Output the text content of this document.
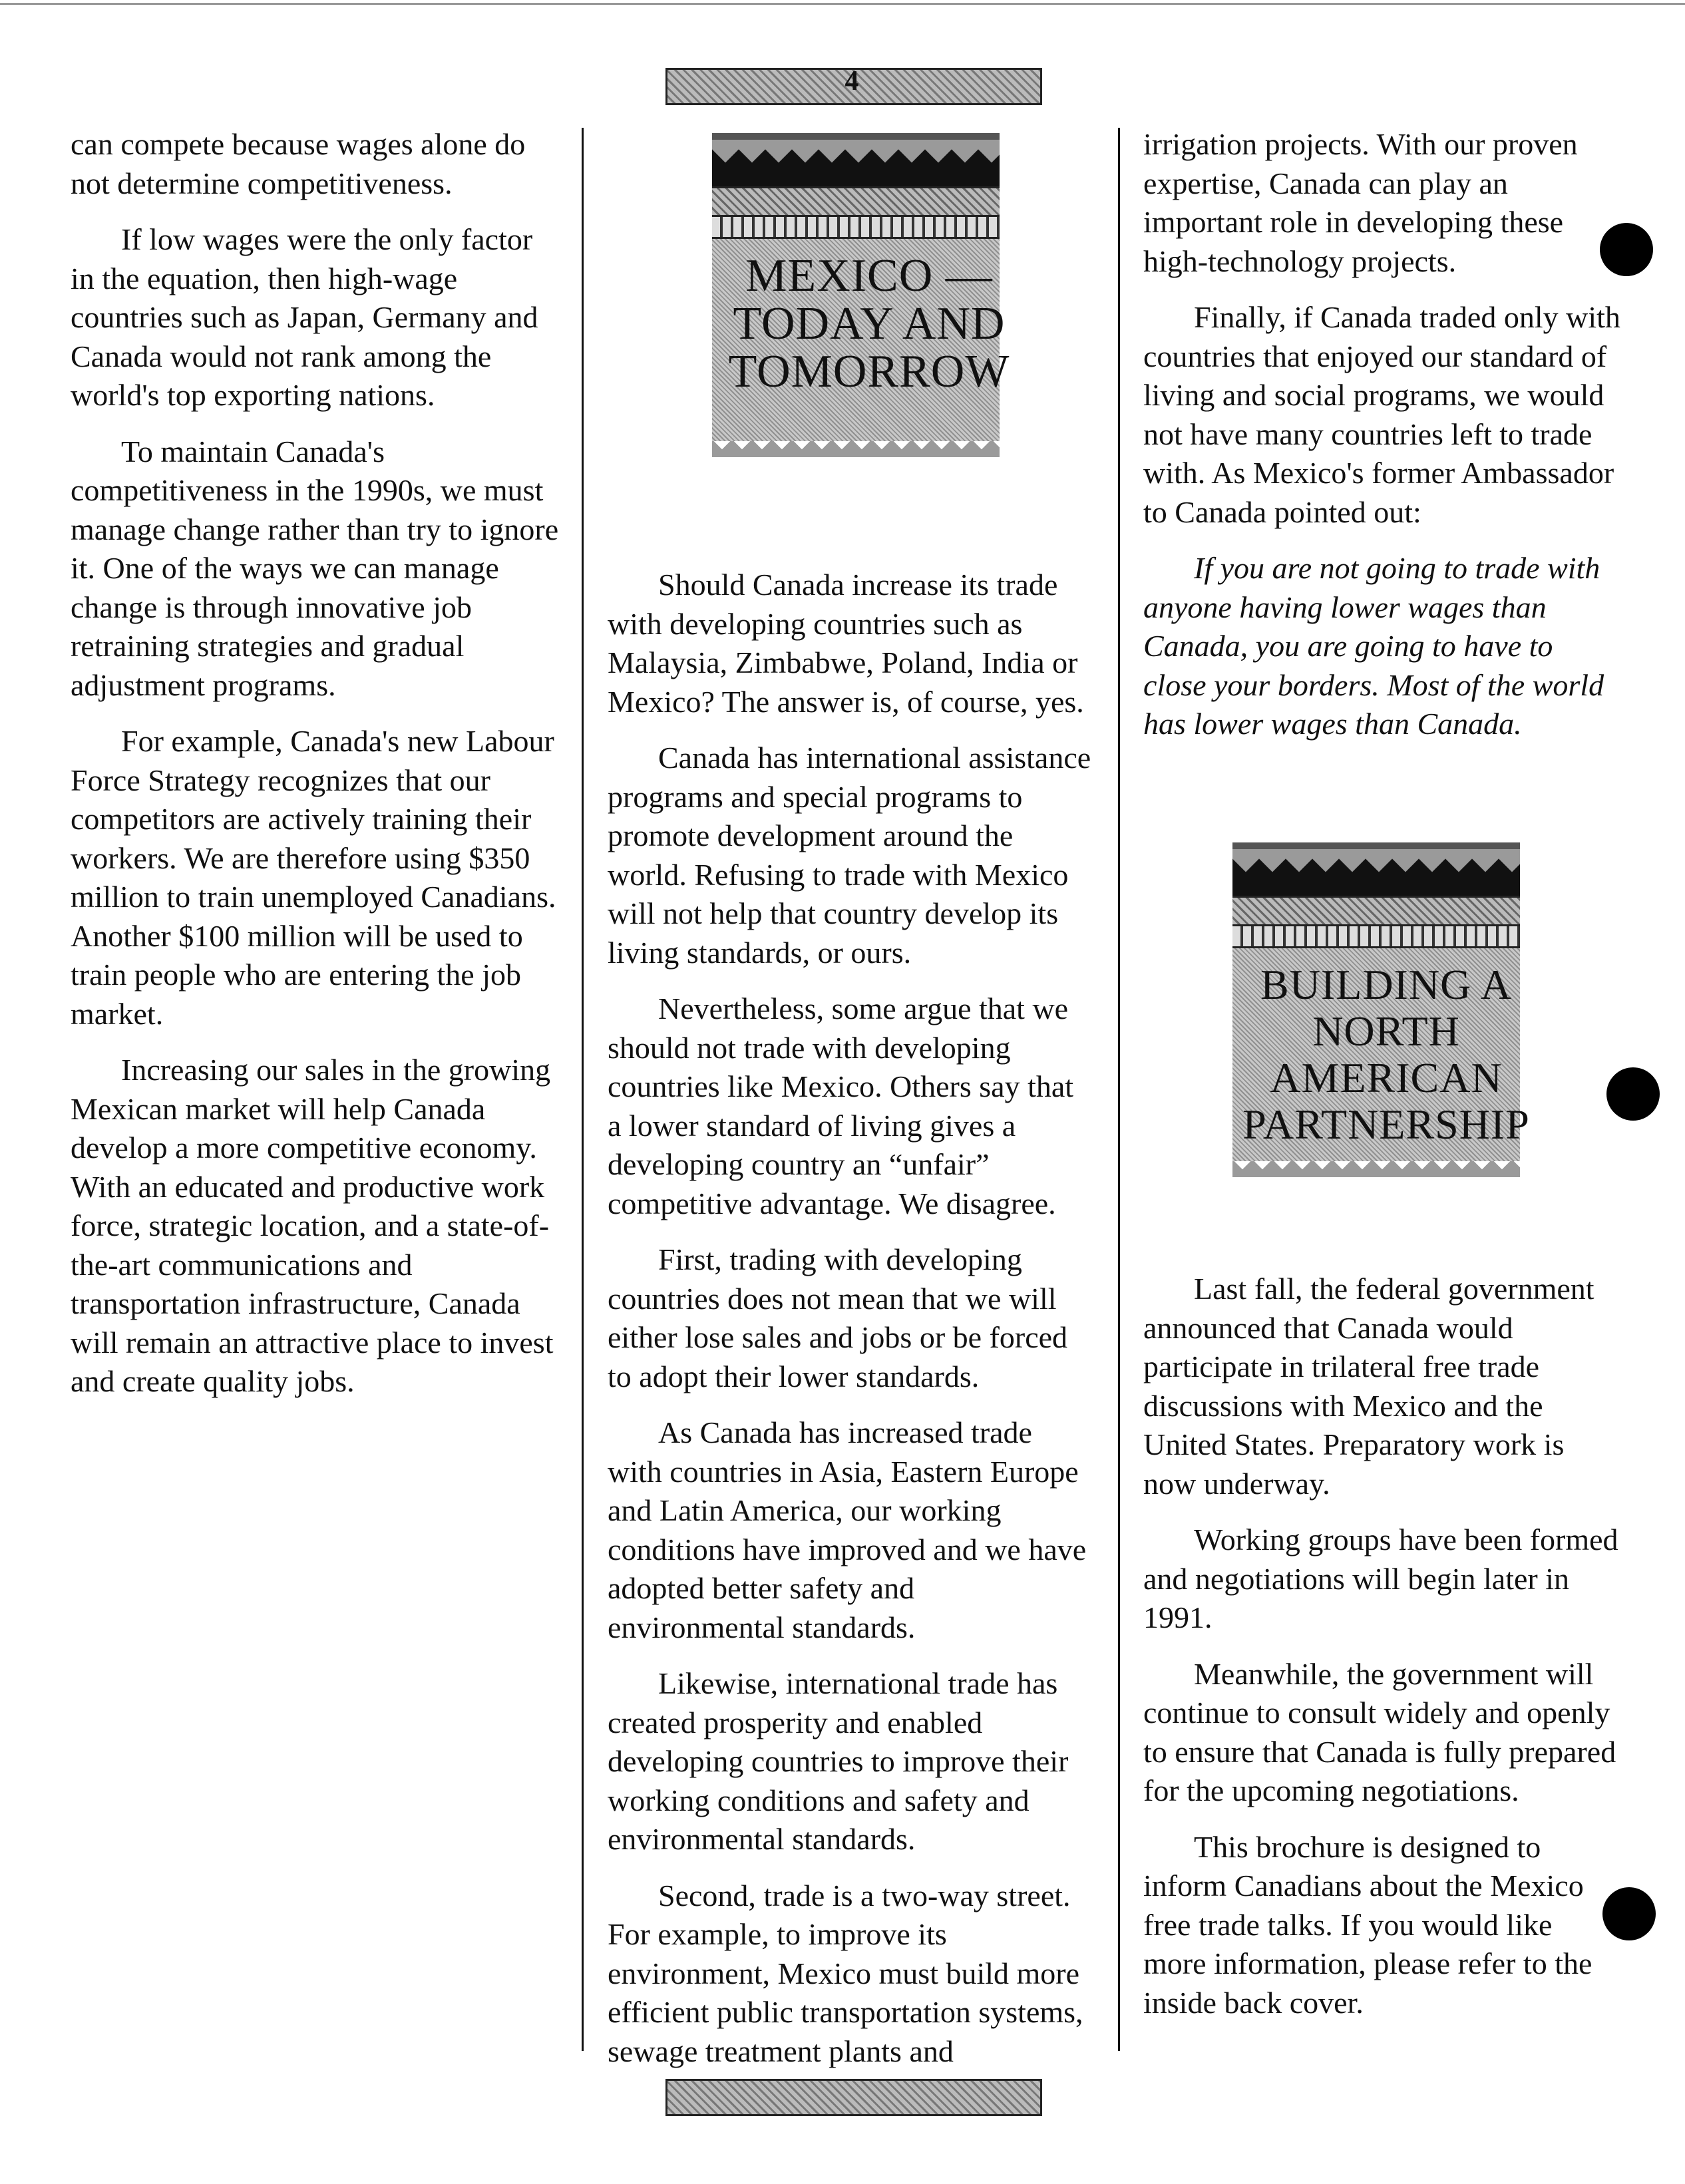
4

can compete because wages alone do not determine competitiveness.

If low wages were the only factor in the equation, then high-wage countries such as Japan, Germany and Canada would not rank among the world's top exporting nations.

To maintain Canada's competitiveness in the 1990s, we must manage change rather than try to ignore it. One of the ways we can manage change is through innovative job retraining strategies and gradual adjustment programs.

For example, Canada's new Labour Force Strategy recognizes that our competitors are actively training their workers. We are therefore using $350 million to train unemployed Canadians. Another $100 million will be used to train people who are entering the job market.

Increasing our sales in the growing Mexican market will help Canada develop a more competitive economy. With an educated and productive work force, strategic location, and a state-of-the-art communications and transportation infrastructure, Canada will remain an attractive place to invest and create quality jobs.

MEXICO — TODAY AND TOMORROW

Should Canada increase its trade with developing countries such as Malaysia, Zimbabwe, Poland, India or Mexico? The answer is, of course, yes.

Canada has international assistance programs and special programs to promote development around the world. Refusing to trade with Mexico will not help that country develop its living standards, or ours.

Nevertheless, some argue that we should not trade with developing countries like Mexico. Others say that a lower standard of living gives a developing country an “unfair” competitive advantage. We disagree.

First, trading with developing countries does not mean that we will either lose sales and jobs or be forced to adopt their lower standards.

As Canada has increased trade with countries in Asia, Eastern Europe and Latin America, our working conditions have improved and we have adopted better safety and environmental standards.

Likewise, international trade has created prosperity and enabled developing countries to improve their working conditions and safety and environmental standards.

Second, trade is a two-way street. For example, to improve its environment, Mexico must build more efficient public transportation systems, sewage treatment plants and

irrigation projects. With our proven expertise, Canada can play an important role in developing these high-technology projects.

Finally, if Canada traded only with countries that enjoyed our standard of living and social programs, we would not have many countries left to trade with. As Mexico's former Ambassador to Canada pointed out:

If you are not going to trade with anyone having lower wages than Canada, you are going to have to close your borders. Most of the world has lower wages than Canada.

BUILDING A NORTH AMERICAN PARTNERSHIP

Last fall, the federal government announced that Canada would participate in trilateral free trade discussions with Mexico and the United States. Preparatory work is now underway.

Working groups have been formed and negotiations will begin later in 1991.

Meanwhile, the government will continue to consult widely and openly to ensure that Canada is fully prepared for the upcoming negotiations.

This brochure is designed to inform Canadians about the Mexico free trade talks. If you would like more information, please refer to the inside back cover.
